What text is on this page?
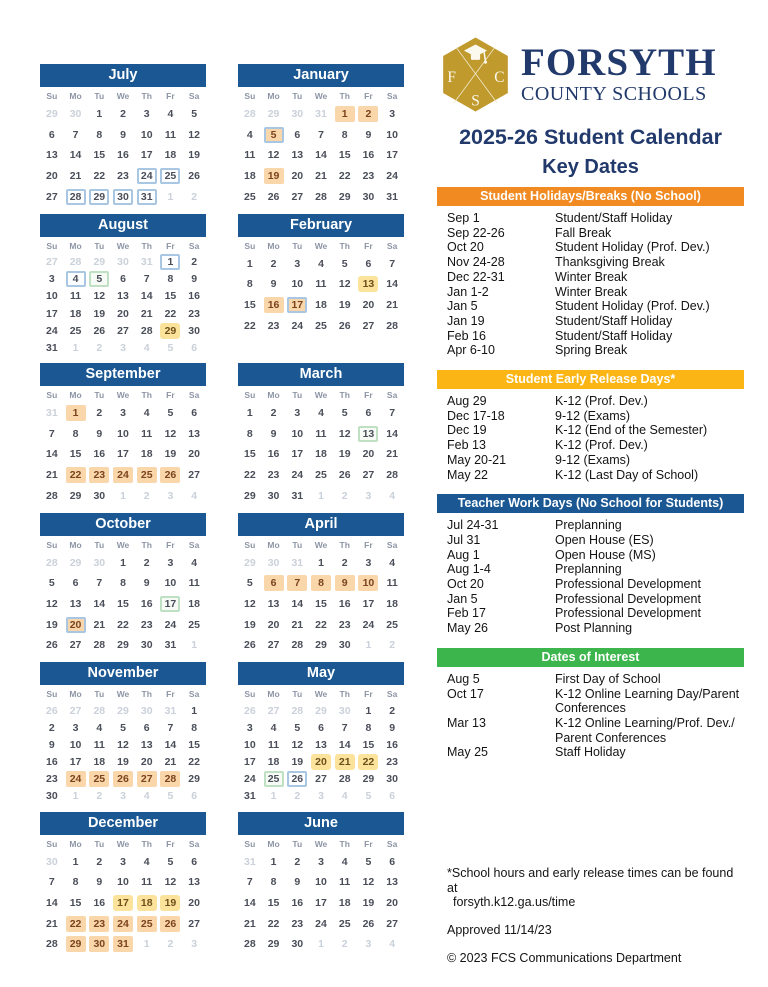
July
Su	Mo	Tu	We	Th	Fr	Sa
29	30	1	2	3	4	5
6	7	8	9	10	11	12
13	14	15	16	17	18	19
20	21	22	23	24	25	26
27	28	29	30	31	1	2
August
Su	Mo	Tu	We	Th	Fr	Sa
27	28	29	30	31	1	2
3	4	5	6	7	8	9
10	11	12	13	14	15	16
17	18	19	20	21	22	23
24	25	26	27	28	29	30
31	1	2	3	4	5	6
September
Su	Mo	Tu	We	Th	Fr	Sa
31	1	2	3	4	5	6
7	8	9	10	11	12	13
14	15	16	17	18	19	20
21	22	23	24	25	26	27
28	29	30	1	2	3	4
October
Su	Mo	Tu	We	Th	Fr	Sa
28	29	30	1	2	3	4
5	6	7	8	9	10	11
12	13	14	15	16	17	18
19	20	21	22	23	24	25
26	27	28	29	30	31	1
November
Su	Mo	Tu	We	Th	Fr	Sa
26	27	28	29	30	31	1
2	3	4	5	6	7	8
9	10	11	12	13	14	15
16	17	18	19	20	21	22
23	24	25	26	27	28	29
30	1	2	3	4	5	6
December
Su	Mo	Tu	We	Th	Fr	Sa
30	1	2	3	4	5	6
7	8	9	10	11	12	13
14	15	16	17	18	19	20
21	22	23	24	25	26	27
28	29	30	31	1	2	3
January
Su	Mo	Tu	We	Th	Fr	Sa
28	29	30	31	1	2	3
4	5	6	7	8	9	10
11	12	13	14	15	16	17
18	19	20	21	22	23	24
25	26	27	28	29	30	31
February
Su	Mo	Tu	We	Th	Fr	Sa
1	2	3	4	5	6	7
8	9	10	11	12	13	14
15	16	17	18	19	20	21
22	23	24	25	26	27	28
March
Su	Mo	Tu	We	Th	Fr	Sa
1	2	3	4	5	6	7
8	9	10	11	12	13	14
15	16	17	18	19	20	21
22	23	24	25	26	27	28
29	30	31	1	2	3	4
April
Su	Mo	Tu	We	Th	Fr	Sa
29	30	31	1	2	3	4
5	6	7	8	9	10	11
12	13	14	15	16	17	18
19	20	21	22	23	24	25
26	27	28	29	30	1	2
May
Su	Mo	Tu	We	Th	Fr	Sa
26	27	28	29	30	1	2
3	4	5	6	7	8	9
10	11	12	13	14	15	16
17	18	19	20	21	22	23
24	25	26	27	28	29	30
31	1	2	3	4	5	6
June
Su	Mo	Tu	We	Th	Fr	Sa
31	1	2	3	4	5	6
7	8	9	10	11	12	13
14	15	16	17	18	19	20
21	22	23	24	25	26	27
28	29	30	1	2	3	4
F C
S
FORSYTH
COUNTY SCHOOLS
2025-26 Student Calendar
Key Dates
Student Holidays/Breaks (No School)
Sep 1	Student/Staff Holiday
Sep 22-26	Fall Break
Oct 20	Student Holiday (Prof. Dev.)
Nov 24-28	Thanksgiving Break
Dec 22-31	Winter Break
Jan 1-2	Winter Break
Jan 5	Student Holiday (Prof. Dev.)
Jan 19	Student/Staff Holiday
Feb 16	Student/Staff Holiday
Apr 6-10	Spring Break
Student Early Release Days*
Aug 29	K-12 (Prof. Dev.)
Dec 17-18	9-12 (Exams)
Dec 19	K-12 (End of the Semester)
Feb 13	K-12 (Prof. Dev.)
May 20-21	9-12 (Exams)
May 22	K-12 (Last Day of School)
Teacher Work Days (No School for Students)
Jul 24-31	Preplanning
Jul 31	Open House (ES)
Aug 1	Open House (MS)
Aug 1-4	Preplanning
Oct 20	Professional Development
Jan 5	Professional Development
Feb 17	Professional Development
May 26	Post Planning
Dates of Interest
Aug 5	First Day of School
Oct 17	K-12 Online Learning Day/Parent Conferences
Mar 13	K-12 Online Learning/Prof. Dev./ Parent Conferences
May 25	Staff Holiday
*School hours and early release times can be found at
forsyth.k12.ga.us/time
Approved 11/14/23
© 2023 FCS Communications Department
